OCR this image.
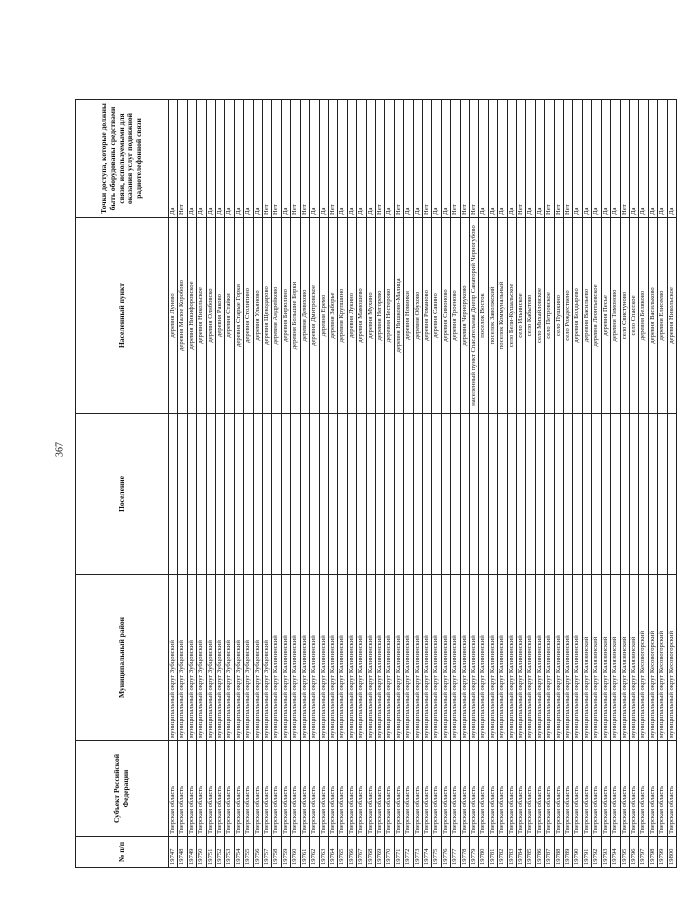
367
№ п/п	Субъект Российской Федерации	Муниципальный район	Поселение	Населенный пункт	Точки доступа, которые должны быть оборудованы средствами связи, используемыми для оказания услуг подвижной радиотелефонной связи
19747	Тверская область	муниципальный округ Зубцовский		деревня Лунево	Да
19748	Тверская область	муниципальный округ Зубцовский		деревня Малое Коробово	Нет
19749	Тверская область	муниципальный округ Зубцовский		деревня Никифоровское	Да
19750	Тверская область	муниципальный округ Зубцовский		деревня Никольское	Да
19751	Тверская область	муниципальный округ Зубцовский		деревня Олибовско	Да
19752	Тверская область	муниципальный округ Зубцовский		деревня Раково	Да
19753	Тверская область	муниципальный округ Зубцовский		деревня Стайки	Да
19754	Тверская область	муниципальный округ Зубцовский		деревня Старые Горки	Да
19755	Тверская область	муниципальный округ Зубцовский		деревня Столипино	Да
19756	Тверская область	муниципальный округ Зубцовский		деревня Ульяново	Да
19757	Тверская область	муниципальный округ Зубцовский		деревня Щекодарово	Нет
19758	Тверская область	муниципальный округ Калининский		деревня Андрейково	Нет
19759	Тверская область	муниципальный округ Калининский		деревня Бирюлино	Да
19760	Тверская область	муниципальный округ Калининский		деревня Большие Борки	Нет
19761	Тверская область	муниципальный округ Калининский		деревня Демихово	Нет
19762	Тверская область	муниципальный округ Калининский		деревня Дмитровское	Да
19763	Тверская область	муниципальный округ Калининский		деревня Еремо	Да
19764	Тверская область	муниципальный округ Калининский		деревня Заборье	Нет
19765	Тверская область	муниципальный округ Калининский		деревня Крупшино	Да
19766	Тверская область	муниципальный округ Калининский		деревня Лукино	Да
19767	Тверская область	муниципальный округ Калининский		деревня Мамошево	Да
19768	Тверская область	муниципальный округ Калининский		деревня Мухино	Да
19769	Тверская область	муниципальный округ Калининский		деревня Негорево	Нет
19770	Тверская область	муниципальный округ Калининский		деревня Нестерово	Да
19771	Тверская область	муниципальный округ Калининский		деревня Нишково-Малица	Нет
19772	Тверская область	муниципальный округ Калининский		деревня Новинки	Да
19773	Тверская область	муниципальный округ Калининский		деревня Обухово	Да
19774	Тверская область	муниципальный округ Калининский		деревня Романово	Нет
19775	Тверская область	муниципальный округ Калининский		деревня Савино	Да
19776	Тверская область	муниципальный округ Калининский		деревня Симоново	Да
19777	Тверская область	муниципальный округ Калининский		деревня Троеново	Нет
19778	Тверская область	муниципальный округ Калининский		деревня Черноруково	Нет
19779	Тверская область	муниципальный округ Калининский		населенный пункт Спасательная Днепр Санаторий Черногубово	Нет
19780	Тверская область	муниципальный округ Калининский		поселок Восток	Да
19781	Тверская область	муниципальный округ Калининский		поселок Заволжский	Да
19782	Тверская область	муниципальный округ Калининский		поселок Коммунальный	Да
19783	Тверская область	муниципальный округ Калининский		село Бели-Кушальское	Да
19784	Тверская область	муниципальный округ Калининский		село Ильинское	Нет
19785	Тверская область	муниципальный округ Калининский		село Кабытово	Да
19786	Тверская область	муниципальный округ Калининский		село Михайловское	Да
19787	Тверская область	муниципальный округ Калининский		село Петровское	Нет
19788	Тверская область	муниципальный округ Калининский		село Пушкино	Нет
19789	Тверская область	муниципальный округ Калининский		село Рождествено	Нет
19790	Тверская область	муниципальный округ Калининский		деревня Болдырево	Да
19791	Тверская область	муниципальный округ Калязинский		деревня Васильево	Да
19792	Тверская область	муниципальный округ Калязинский		деревня Леонтьевское	Да
19793	Тверская область	муниципальный округ Калязинский		деревня Песье	Да
19794	Тверская область	муниципальный округ Калязинский		деревня Тимоново	Да
19795	Тверская область	муниципальный округ Калязинский		село Свистуново	Нет
19796	Тверская область	муниципальный округ Калязинский		село Спасское	Да
19797	Тверская область	муниципальный округ Кесовогорский		деревня Беляково	Да
19798	Тверская область	муниципальный округ Кесовогорский		деревня Васильково	Да
19799	Тверская область	муниципальный округ Кесовогорский		деревня Елисеево	Да
19800	Тверская область	муниципальный округ Кесовогорский		деревня Никольское	Да
